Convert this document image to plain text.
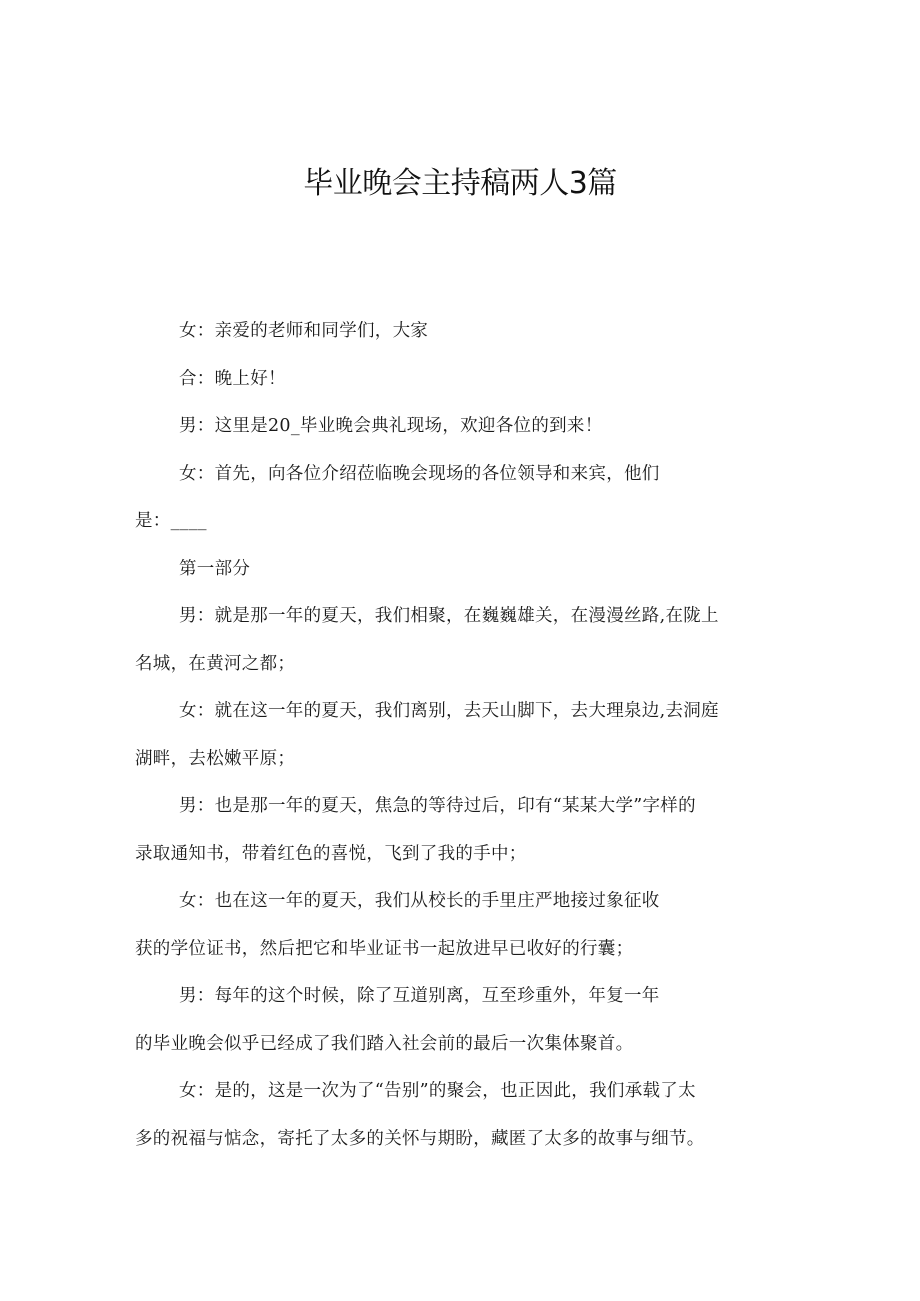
毕业晚会主持稿两人3篇

女：亲爱的老师和同学们，大家

合：晚上好！

男：这里是20_毕业晚会典礼现场，欢迎各位的到来！

女：首先，向各位介绍莅临晚会现场的各位领导和来宾，他们

是：____

第一部分

男：就是那一年的夏天，我们相聚，在巍巍雄关，在漫漫丝路,在陇上

名城，在黄河之都；

女：就在这一年的夏天，我们离别，去天山脚下，去大理泉边,去洞庭

湖畔，去松嫩平原；

男：也是那一年的夏天，焦急的等待过后，印有“某某大学”字样的

录取通知书，带着红色的喜悦，飞到了我的手中；

女：也在这一年的夏天，我们从校长的手里庄严地接过象征收

获的学位证书，然后把它和毕业证书一起放进早已收好的行囊；

男：每年的这个时候，除了互道别离，互至珍重外，年复一年

的毕业晚会似乎已经成了我们踏入社会前的最后一次集体聚首。

女：是的，这是一次为了“告别”的聚会，也正因此，我们承载了太

多的祝福与惦念，寄托了太多的关怀与期盼，藏匿了太多的故事与细节。
